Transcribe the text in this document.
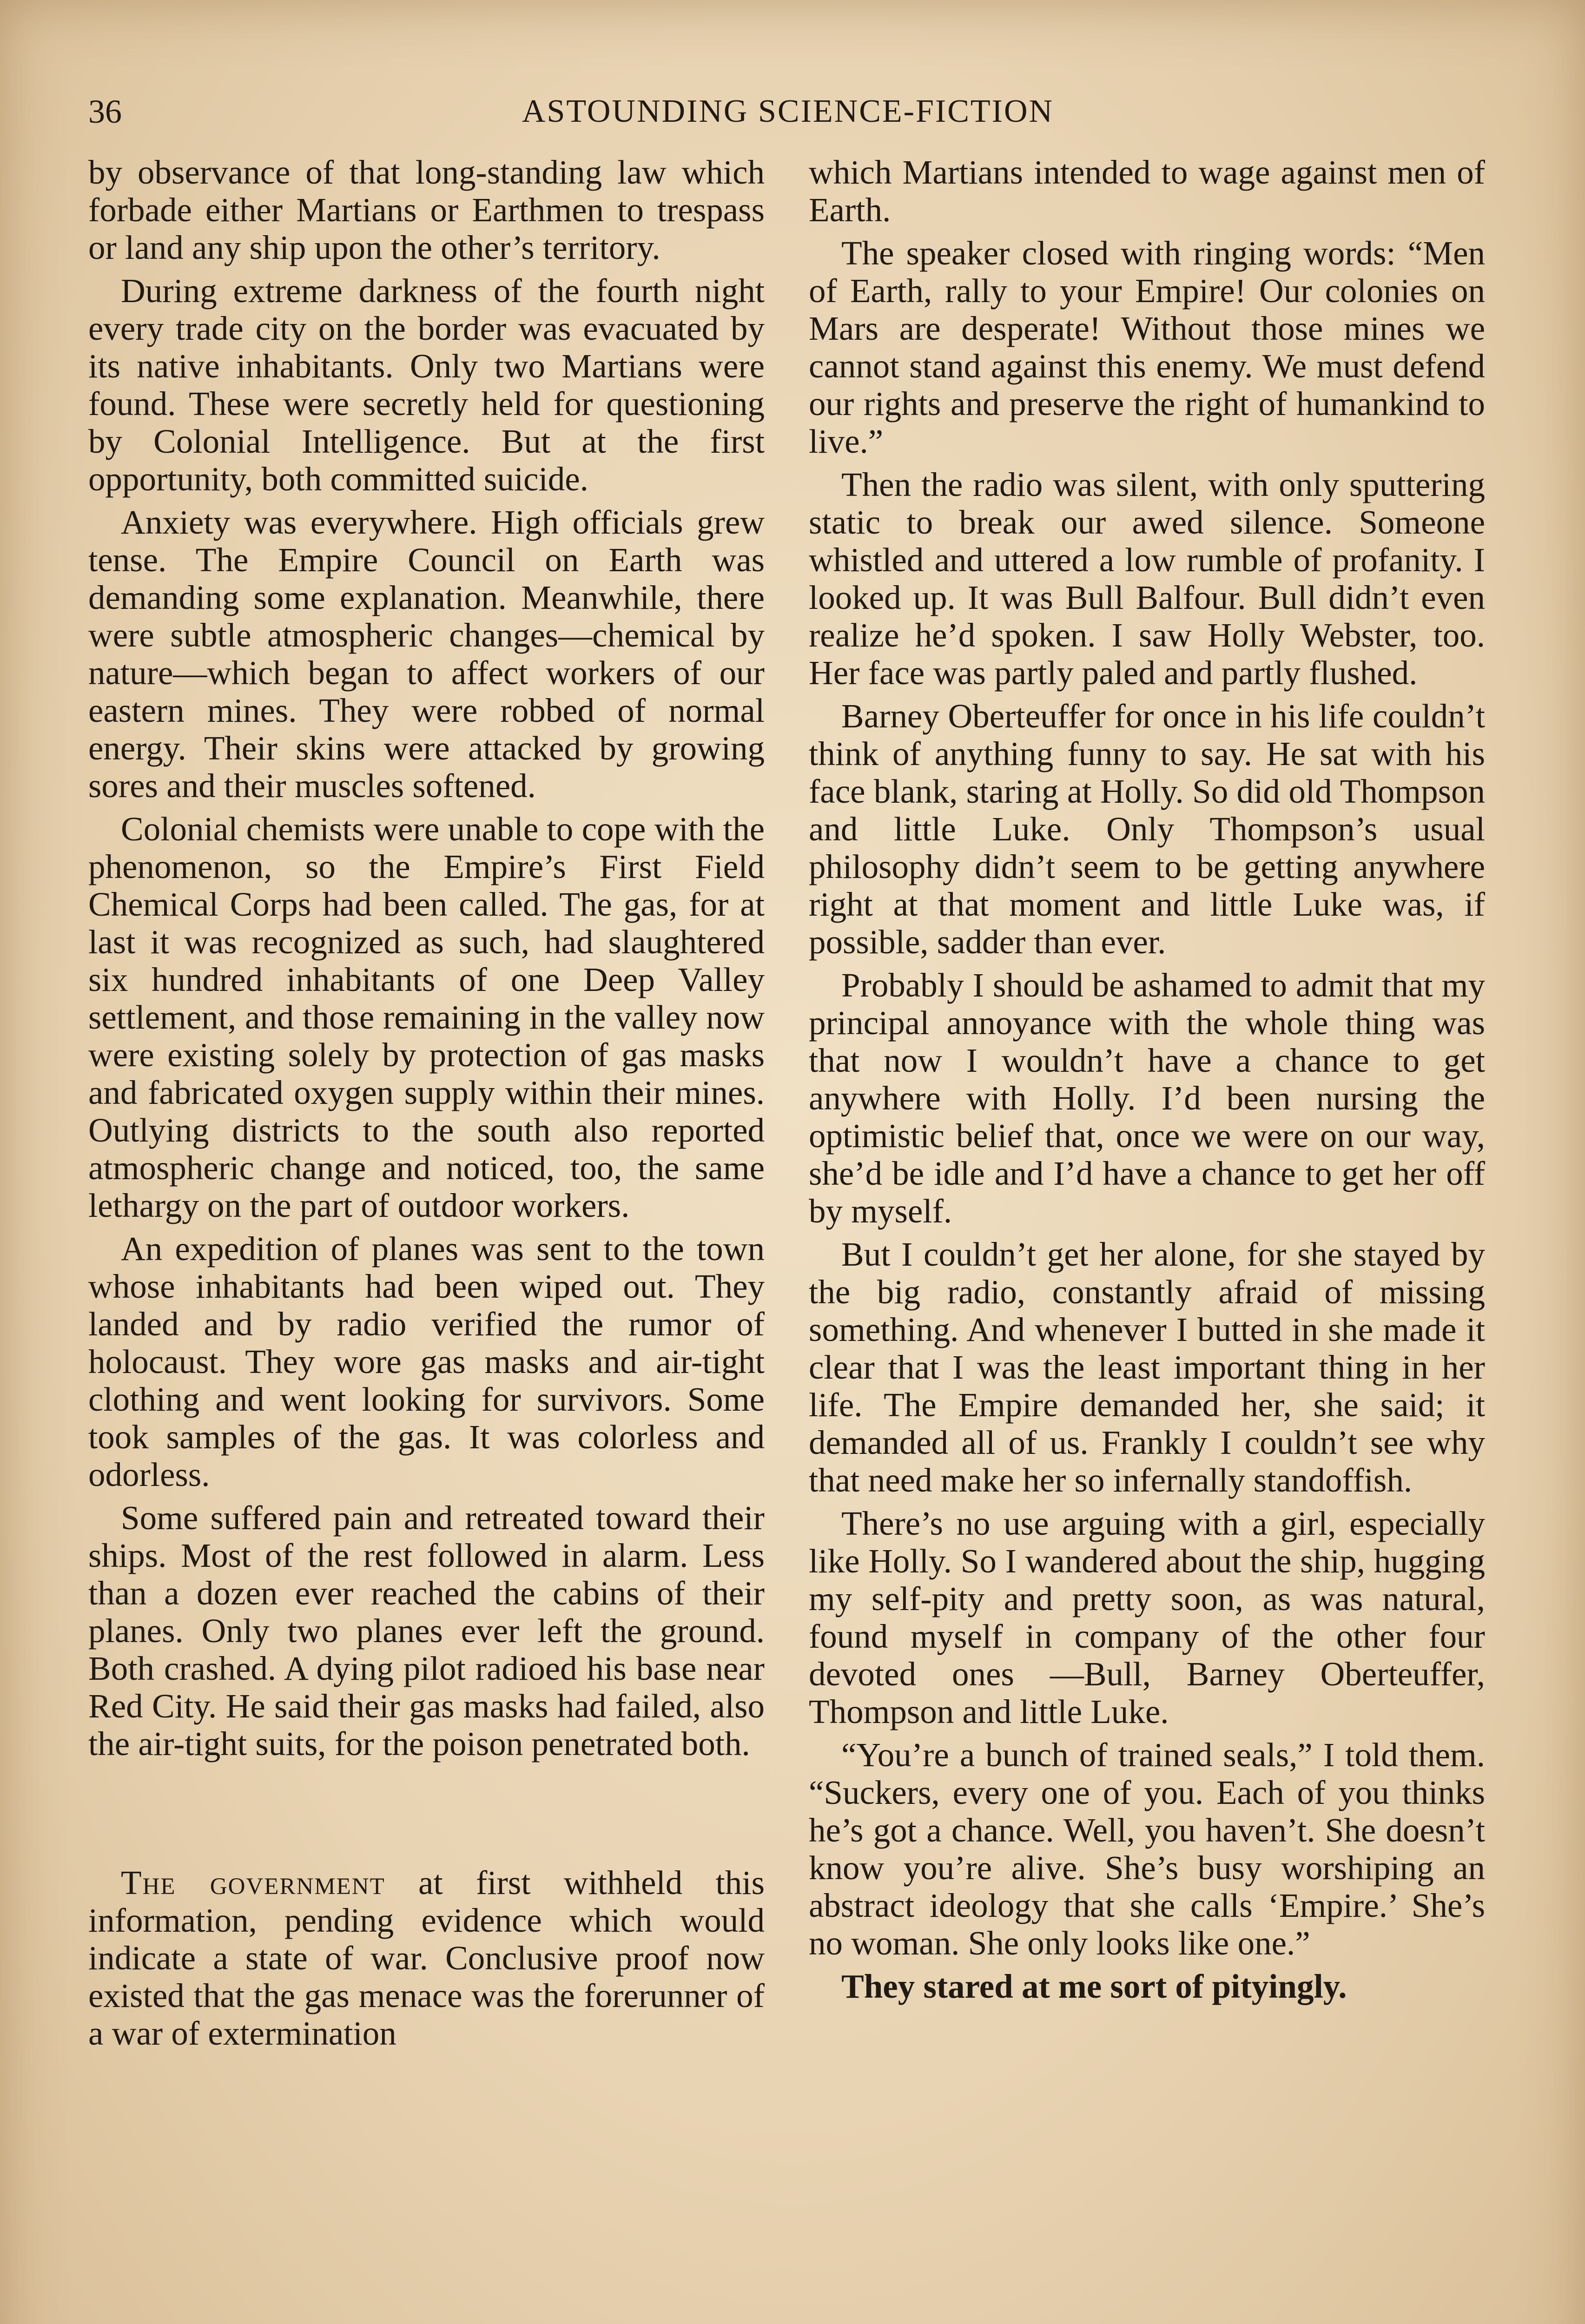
36	ASTOUNDING SCIENCE-FICTION

by observance of that long-standing law which forbade either Martians or Earthmen to trespass or land any ship upon the other’s territory.

During extreme darkness of the fourth night every trade city on the border was evacuated by its native inhabitants. Only two Martians were found. These were secretly held for questioning by Colonial Intelligence. But at the first opportunity, both committed suicide.

Anxiety was everywhere. High officials grew tense. The Empire Council on Earth was demanding some explanation. Meanwhile, there were subtle atmospheric changes—chemical by nature—which began to affect workers of our eastern mines. They were robbed of normal energy. Their skins were attacked by growing sores and their muscles softened.

Colonial chemists were unable to cope with the phenomenon, so the Empire’s First Field Chemical Corps had been called. The gas, for at last it was recognized as such, had slaughtered six hundred inhabitants of one Deep Valley settlement, and those remaining in the valley now were existing solely by protection of gas masks and fabricated oxygen supply within their mines. Outlying districts to the south also reported atmospheric change and noticed, too, the same lethargy on the part of outdoor workers.

An expedition of planes was sent to the town whose inhabitants had been wiped out. They landed and by radio verified the rumor of holocaust. They wore gas masks and air-tight clothing and went looking for survivors. Some took samples of the gas. It was colorless and odorless.

Some suffered pain and retreated toward their ships. Most of the rest followed in alarm. Less than a dozen ever reached the cabins of their planes. Only two planes ever left the ground. Both crashed. A dying pilot radioed his base near Red City. He said their gas masks had failed, also the air-tight suits, for the poison penetrated both.

The government at first withheld this information, pending evidence which would indicate a state of war. Conclusive proof now existed that the gas menace was the forerunner of a war of extermination

which Martians intended to wage against men of Earth.

The speaker closed with ringing words: “Men of Earth, rally to your Empire! Our colonies on Mars are desperate! Without those mines we cannot stand against this enemy. We must defend our rights and preserve the right of humankind to live.”

Then the radio was silent, with only sputtering static to break our awed silence. Someone whistled and uttered a low rumble of profanity. I looked up. It was Bull Balfour. Bull didn’t even realize he’d spoken. I saw Holly Webster, too. Her face was partly paled and partly flushed.

Barney Oberteuffer for once in his life couldn’t think of anything funny to say. He sat with his face blank, staring at Holly. So did old Thompson and little Luke. Only Thompson’s usual philosophy didn’t seem to be getting anywhere right at that moment and little Luke was, if possible, sadder than ever.

Probably I should be ashamed to admit that my principal annoyance with the whole thing was that now I wouldn’t have a chance to get anywhere with Holly. I’d been nursing the optimistic belief that, once we were on our way, she’d be idle and I’d have a chance to get her off by myself.

But I couldn’t get her alone, for she stayed by the big radio, constantly afraid of missing something. And whenever I butted in she made it clear that I was the least important thing in her life. The Empire demanded her, she said; it demanded all of us. Frankly I couldn’t see why that need make her so infernally standoffish.

There’s no use arguing with a girl, especially like Holly. So I wandered about the ship, hugging my self-pity and pretty soon, as was natural, found myself in company of the other four devoted ones —Bull, Barney Oberteuffer, Thompson and little Luke.

“You’re a bunch of trained seals,” I told them. “Suckers, every one of you. Each of you thinks he’s got a chance. Well, you haven’t. She doesn’t know you’re alive. She’s busy worshiping an abstract ideology that she calls ‘Empire.’ She’s no woman. She only looks like one.”

They stared at me sort of pityingly.
